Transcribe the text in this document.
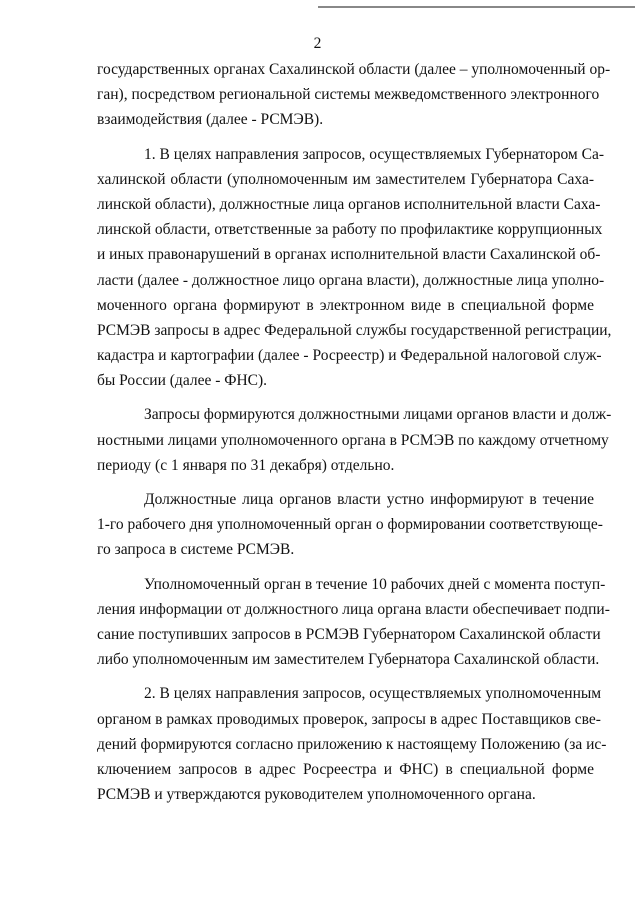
2
государственных органах Сахалинской области (далее – уполномоченный ор-
ган), посредством региональной системы межведомственного электронного
взаимодействия (далее - РСМЭВ).
1. В целях направления запросов, осуществляемых Губернатором Са-
халинской области (уполномоченным им заместителем Губернатора Саха-
линской области), должностные лица органов исполнительной власти Саха-
линской области, ответственные за работу по профилактике коррупционных
и иных правонарушений в органах исполнительной власти Сахалинской об-
ласти (далее - должностное лицо органа власти), должностные лица уполно-
моченного органа формируют в электронном виде в специальной форме
РСМЭВ запросы в адрес Федеральной службы государственной регистрации,
кадастра и картографии (далее - Росреестр) и Федеральной налоговой служ-
бы России (далее - ФНС).
Запросы формируются должностными лицами органов власти и долж-
ностными лицами уполномоченного органа в РСМЭВ по каждому отчетному
периоду (с 1 января по 31 декабря) отдельно.
Должностные лица органов власти устно информируют в течение
1-го рабочего дня уполномоченный орган о формировании соответствующе-
го запроса в системе РСМЭВ.
Уполномоченный орган в течение 10 рабочих дней с момента поступ-
ления информации от должностного лица органа власти обеспечивает подпи-
сание поступивших запросов в РСМЭВ Губернатором Сахалинской области
либо уполномоченным им заместителем Губернатора Сахалинской области.
2. В целях направления запросов, осуществляемых уполномоченным
органом в рамках проводимых проверок, запросы в адрес Поставщиков све-
дений формируются согласно приложению к настоящему Положению (за ис-
ключением запросов в адрес Росреестра и ФНС) в специальной форме
РСМЭВ и утверждаются руководителем уполномоченного органа.
